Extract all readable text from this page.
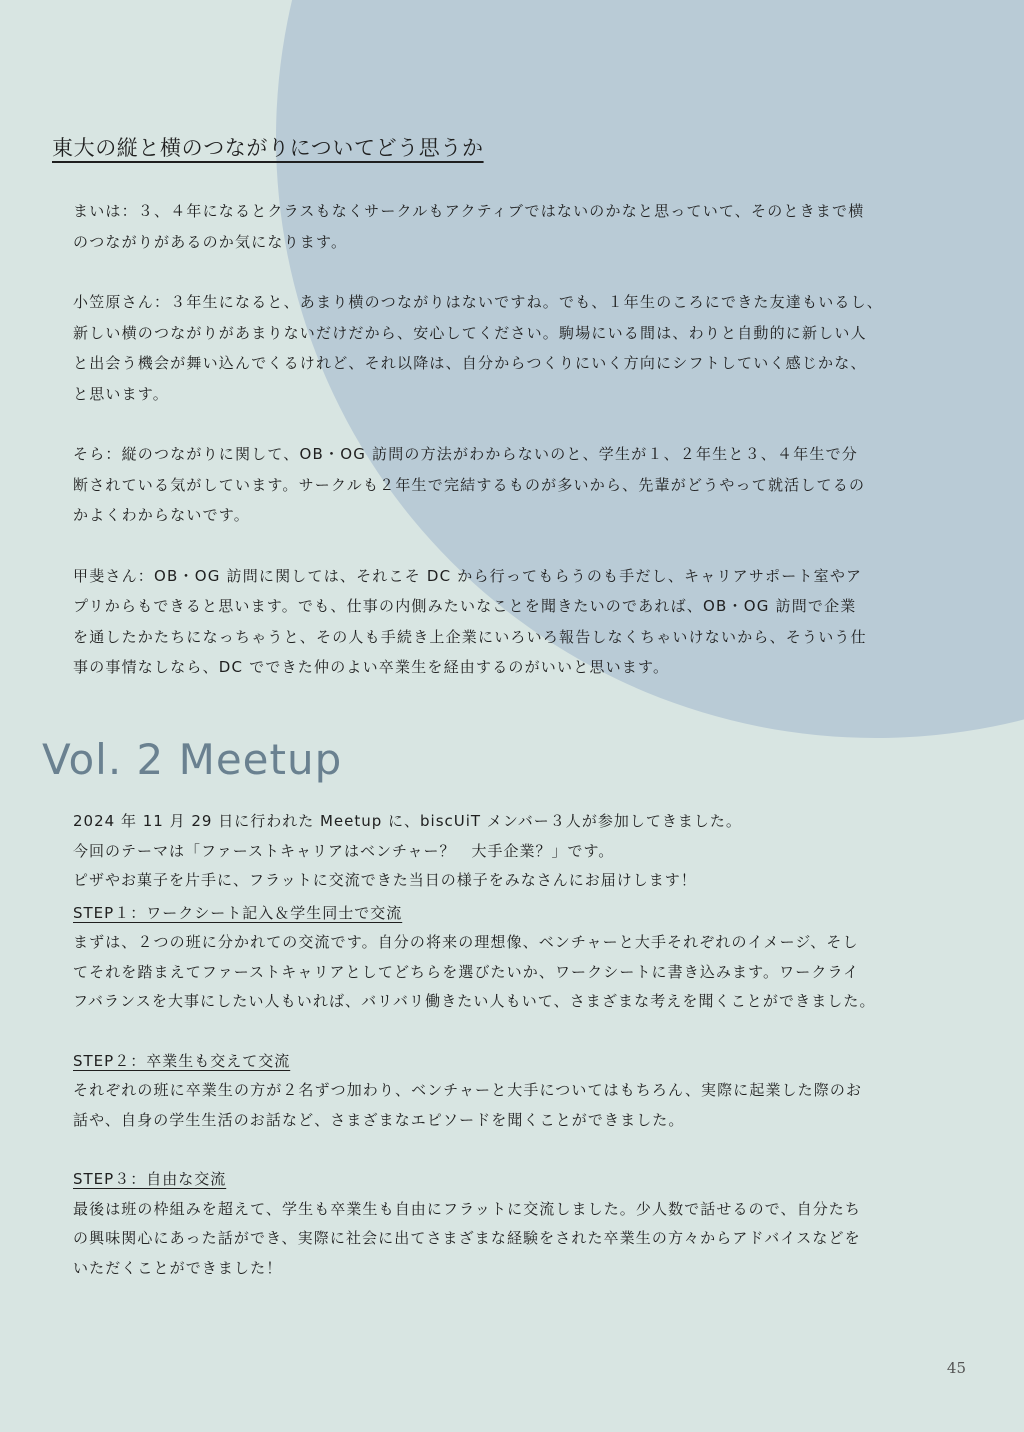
東大の縦と横のつながりについてどう思うか

まいは：３、４年になるとクラスもなくサークルもアクティブではないのかなと思っていて、そのときまで横
のつながりがあるのか気になります。

小笠原さん：３年生になると、あまり横のつながりはないですね。でも、１年生のころにできた友達もいるし、
新しい横のつながりがあまりないだけだから、安心してください。駒場にいる間は、わりと自動的に新しい人
と出会う機会が舞い込んでくるけれど、それ以降は、自分からつくりにいく方向にシフトしていく感じかな、
と思います。

そら：縦のつながりに関して、OB・OG 訪問の方法がわからないのと、学生が１、２年生と３、４年生で分
断されている気がしています。サークルも２年生で完結するものが多いから、先輩がどうやって就活してるの
かよくわからないです。

甲斐さん：OB・OG 訪問に関しては、それこそ DC から行ってもらうのも手だし、キャリアサポート室やア
プリからもできると思います。でも、仕事の内側みたいなことを聞きたいのであれば、OB・OG 訪問で企業
を通したかたちになっちゃうと、その人も手続き上企業にいろいろ報告しなくちゃいけないから、そういう仕
事の事情なしなら、DC でできた仲のよい卒業生を経由するのがいいと思います。

Vol. 2 Meetup

2024 年 11 月 29 日に行われた Meetup に、biscUiT メンバー３人が参加してきました。
今回のテーマは「ファーストキャリアはベンチャー？　大手企業？」です。
ピザやお菓子を片手に、フラットに交流できた当日の様子をみなさんにお届けします！

STEP１：ワークシート記入＆学生同士で交流

まずは、２つの班に分かれての交流です。自分の将来の理想像、ベンチャーと大手それぞれのイメージ、そし
てそれを踏まえてファーストキャリアとしてどちらを選びたいか、ワークシートに書き込みます。ワークライ
フバランスを大事にしたい人もいれば、バリバリ働きたい人もいて、さまざまな考えを聞くことができました。

STEP２：卒業生も交えて交流

それぞれの班に卒業生の方が２名ずつ加わり、ベンチャーと大手についてはもちろん、実際に起業した際のお
話や、自身の学生生活のお話など、さまざまなエピソードを聞くことができました。

STEP３：自由な交流

最後は班の枠組みを超えて、学生も卒業生も自由にフラットに交流しました。少人数で話せるので、自分たち
の興味関心にあった話ができ、実際に社会に出てさまざまな経験をされた卒業生の方々からアドバイスなどを
いただくことができました！

45
